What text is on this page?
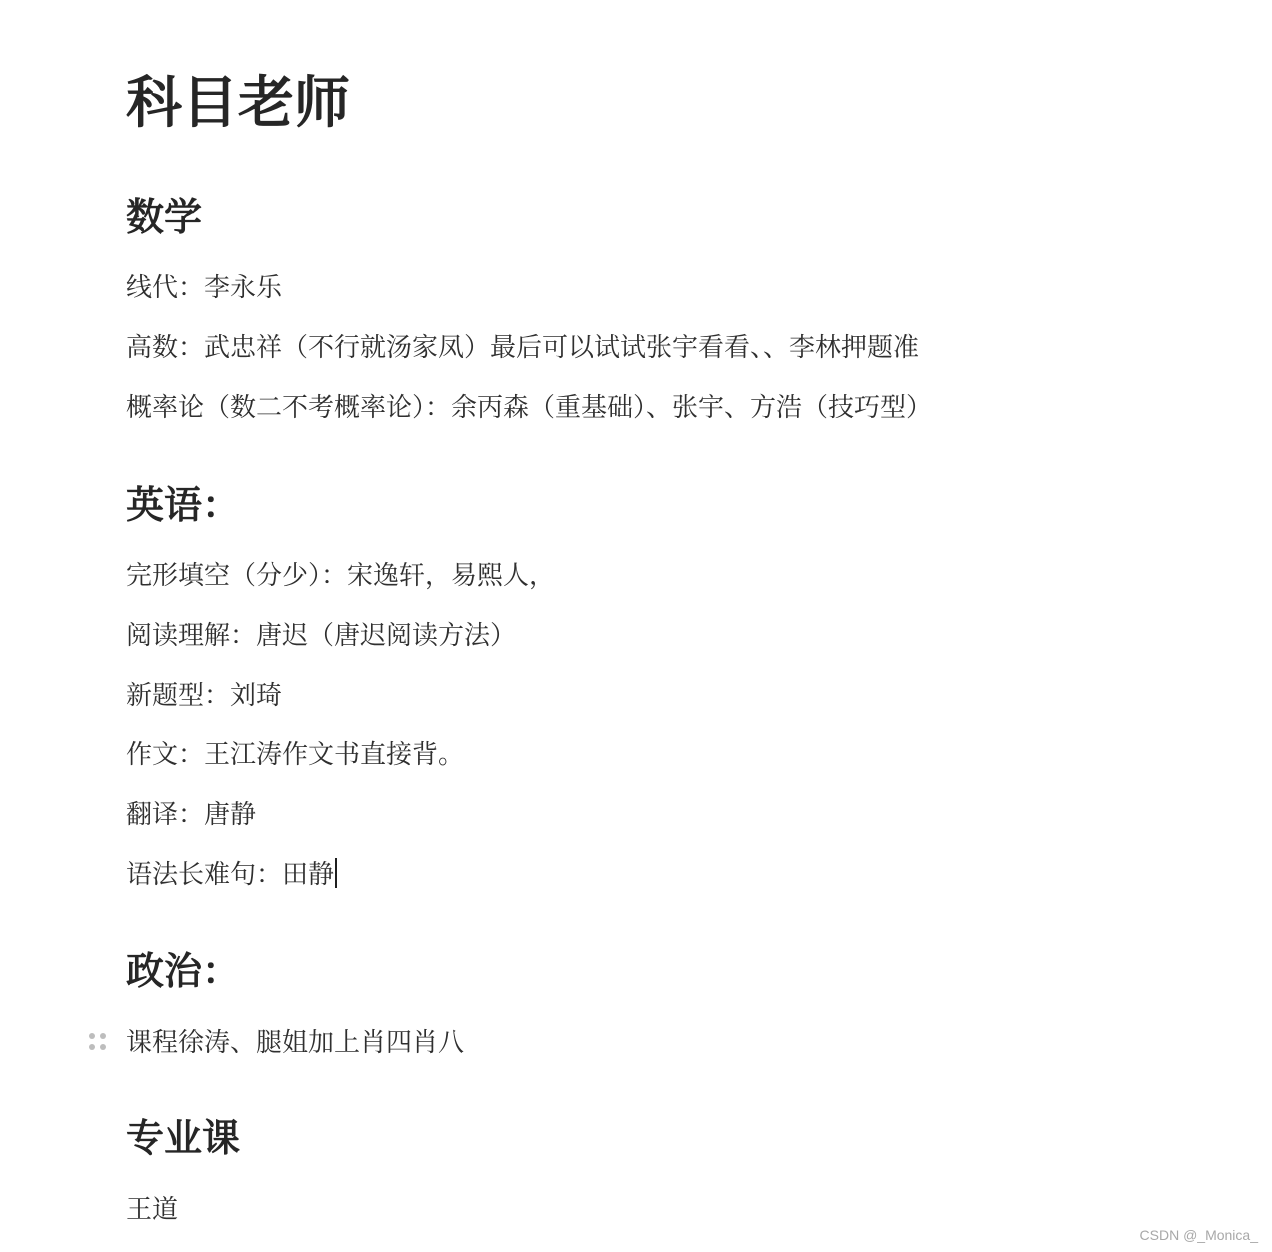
科目老师
数学

线代：李永乐

高数：武忠祥（不行就汤家凤）最后可以试试张宇看看、、李林押题准

概率论（数二不考概率论）：余丙森（重基础）、张宇、方浩（技巧型）

英语：

完形填空（分少）：宋逸轩，易熙人，

阅读理解：唐迟（唐迟阅读方法）

新题型：刘琦

作文：王江涛作文书直接背。

翻译：唐静

语法长难句：田静

政治：

课程徐涛、腿姐加上肖四肖八

专业课

王道

CSDN @_Monica_
